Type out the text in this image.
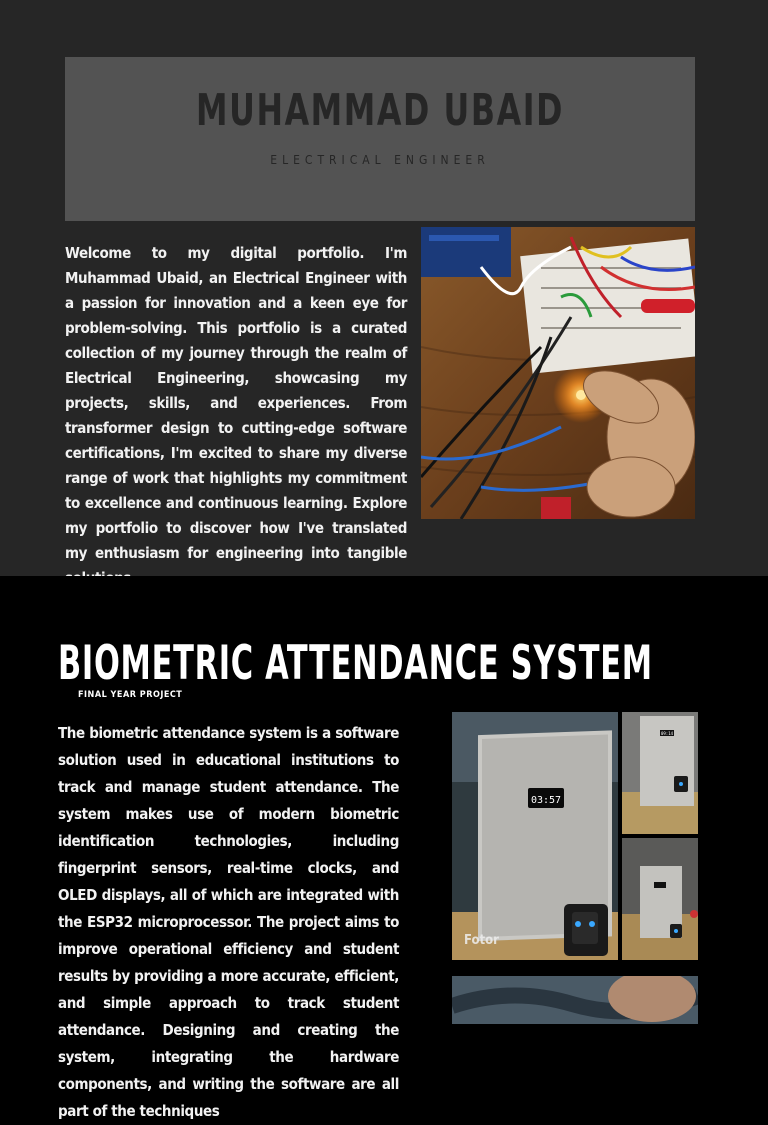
MUHAMMAD UBAID
ELECTRICAL ENGINEER
Welcome to my digital portfolio. I'm Muhammad Ubaid, an Electrical Engineer with a passion for innovation and a keen eye for problem-solving. This portfolio is a curated collection of my journey through the realm of Electrical Engineering, showcasing my projects, skills, and experiences. From transformer design to cutting-edge software certifications, I'm excited to share my diverse range of work that highlights my commitment to excellence and continuous learning. Explore my portfolio to discover how I've translated my enthusiasm for engineering into tangible
BIOMETRIC ATTENDANCE SYSTEM
FINAL YEAR PROJECT
The biometric attendance system is a software solution used in educational institutions to track and manage student attendance. The system makes use of modern biometric identification technologies, including fingerprint sensors, real-time clocks, and OLED displays, all of which are integrated with the ESP32 microprocessor. The project aims to improve operational efficiency and student results by providing a more accurate, efficient, and simple approach to track student attendance. Designing and creating the system, integrating the hardware components, and writing the software are all part of the techniques
03:57
Fotor
09:14
